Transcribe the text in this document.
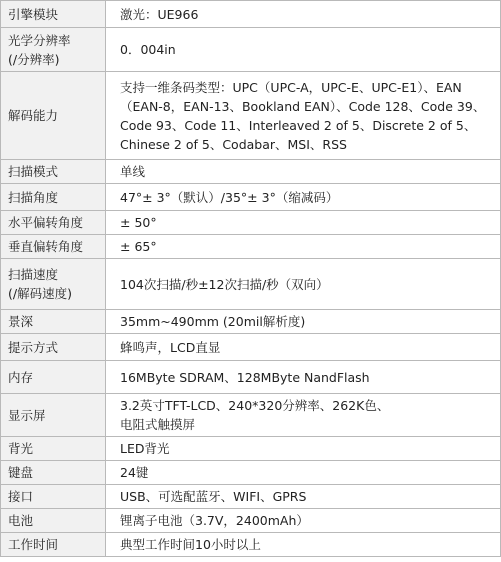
引擎模块	激光：UE966
光学分辨率
(/分辨率)	0．004in
解码能力	支持一维条码类型：UPC（UPC-A，UPC-E、UPC-E1）、EAN（EAN-8，EAN-13、Bookland EAN）、Code 128、Code 39、Code 93、Code 11、Interleaved 2 of 5、Discrete 2 of 5、Chinese 2 of 5、Codabar、MSI、RSS
扫描模式	单线
扫描角度	47°± 3°（默认）/35°± 3°（缩减码）
水平偏转角度	± 50°
垂直偏转角度	± 65°
扫描速度
(/解码速度)	104次扫描/秒±12次扫描/秒（双向）
景深	35mm~490mm (20mil解析度)
提示方式	蜂鸣声，LCD直显
内存	16MByte SDRAM、128MByte NandFlash
显示屏	3.2英寸TFT-LCD、240*320分辨率、262K色、
电阻式触摸屏
背光	LED背光
键盘	24键
接口	USB、可选配蓝牙、WIFI、GPRS
电池	锂离子电池（3.7V，2400mAh）
工作时间	典型工作时间10小时以上
